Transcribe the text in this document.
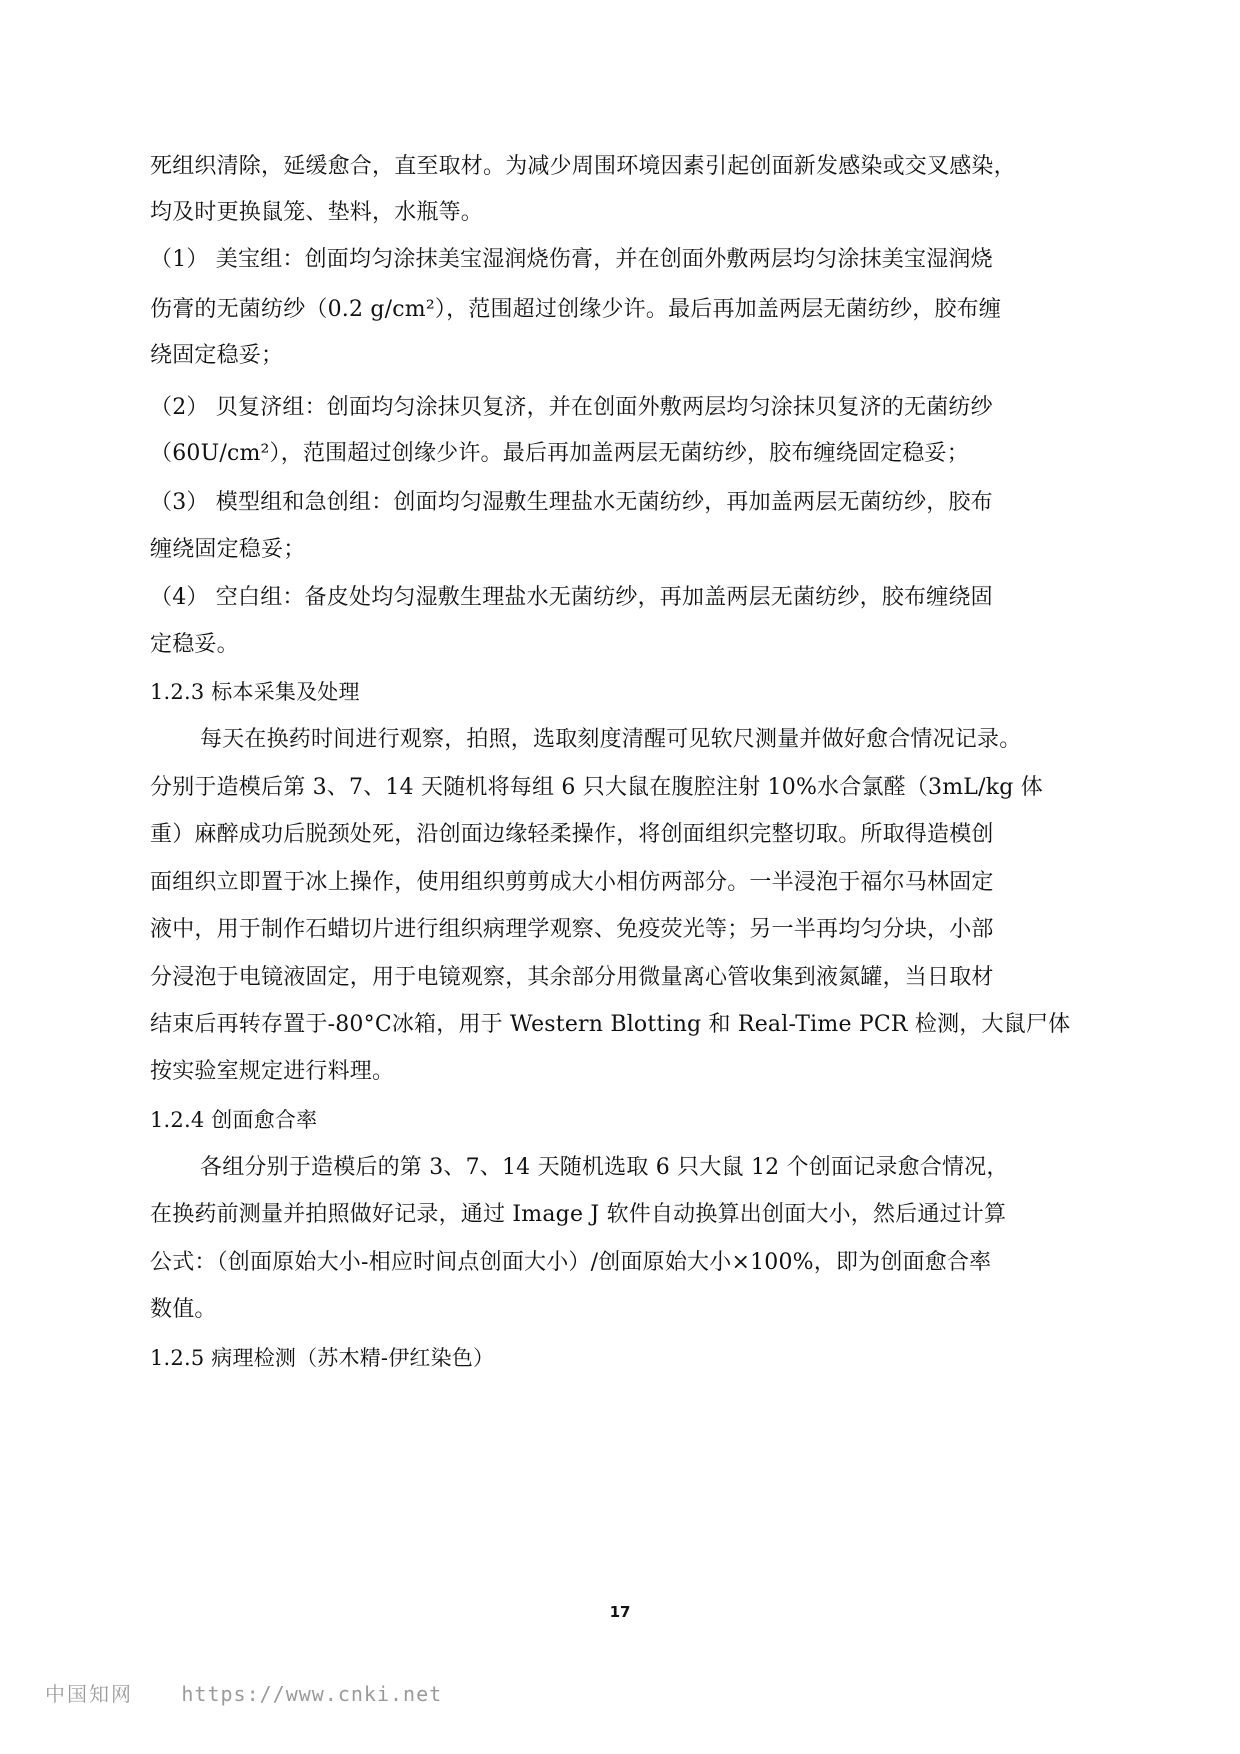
死组织清除，延缓愈合，直至取材。为减少周围环境因素引起创面新发感染或交叉感染，
均及时更换鼠笼、垫料，水瓶等。
（1） 美宝组：创面均匀涂抹美宝湿润烧伤膏，并在创面外敷两层均匀涂抹美宝湿润烧
伤膏的无菌纺纱（0.2 g/cm²），范围超过创缘少许。最后再加盖两层无菌纺纱，胶布缠
绕固定稳妥；
（2） 贝复济组：创面均匀涂抹贝复济，并在创面外敷两层均匀涂抹贝复济的无菌纺纱
（60U/cm²），范围超过创缘少许。最后再加盖两层无菌纺纱，胶布缠绕固定稳妥；
（3） 模型组和急创组：创面均匀湿敷生理盐水无菌纺纱，再加盖两层无菌纺纱，胶布
缠绕固定稳妥；
（4） 空白组：备皮处均匀湿敷生理盐水无菌纺纱，再加盖两层无菌纺纱，胶布缠绕固
定稳妥。
1.2.3 标本采集及处理
每天在换药时间进行观察，拍照，选取刻度清醒可见软尺测量并做好愈合情况记录。
分别于造模后第 3、7、14 天随机将每组 6 只大鼠在腹腔注射 10%水合氯醛（3mL/kg 体
重）麻醉成功后脱颈处死，沿创面边缘轻柔操作，将创面组织完整切取。所取得造模创
面组织立即置于冰上操作，使用组织剪剪成大小相仿两部分。一半浸泡于福尔马林固定
液中，用于制作石蜡切片进行组织病理学观察、免疫荧光等；另一半再均匀分块，小部
分浸泡于电镜液固定，用于电镜观察，其余部分用微量离心管收集到液氮罐，当日取材
结束后再转存置于-80°C冰箱，用于 Western Blotting 和 Real-Time PCR 检测，大鼠尸体
按实验室规定进行料理。
1.2.4 创面愈合率
各组分别于造模后的第 3、7、14 天随机选取 6 只大鼠 12 个创面记录愈合情况，
在换药前测量并拍照做好记录，通过 Image J 软件自动换算出创面大小，然后通过计算
公式：（创面原始大小-相应时间点创面大小）/创面原始大小×100%，即为创面愈合率
数值。
1.2.5 病理检测（苏木精-伊红染色）
17
中国知网 https://www.cnki.net
